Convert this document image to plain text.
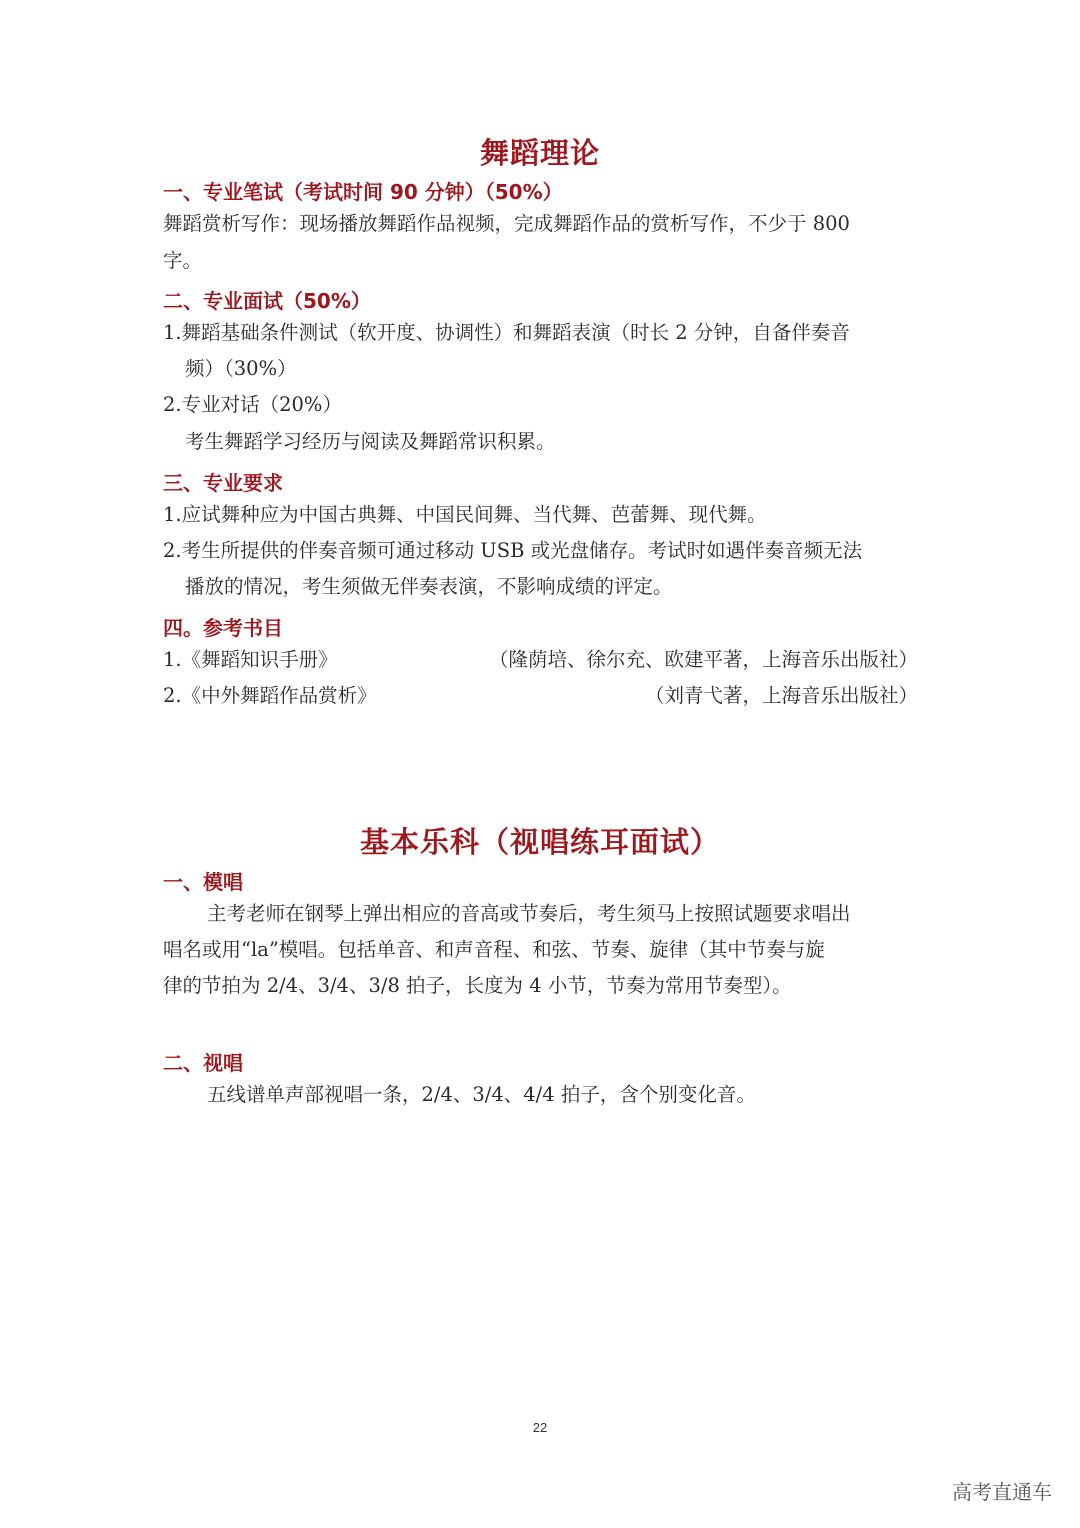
舞蹈理论
一、专业笔试（考试时间 90 分钟）（50%）
舞蹈赏析写作：现场播放舞蹈作品视频，完成舞蹈作品的赏析写作，不少于 800
字。
二、专业面试（50%）
1.舞蹈基础条件测试（软开度、协调性）和舞蹈表演（时长 2 分钟，自备伴奏音
频）（30%）
2.专业对话（20%）
考生舞蹈学习经历与阅读及舞蹈常识积累。
三、专业要求
1.应试舞种应为中国古典舞、中国民间舞、当代舞、芭蕾舞、现代舞。
2.考生所提供的伴奏音频可通过移动 USB 或光盘储存。考试时如遇伴奏音频无法
播放的情况，考生须做无伴奏表演，不影响成绩的评定。
四。参考书目
1.《舞蹈知识手册》	（隆荫培、徐尔充、欧建平著，上海音乐出版社）
2.《中外舞蹈作品赏析》	（刘青弋著，上海音乐出版社）
基本乐科（视唱练耳面试）
一、模唱
主考老师在钢琴上弹出相应的音高或节奏后，考生须马上按照试题要求唱出
唱名或用“la”模唱。包括单音、和声音程、和弦、节奏、旋律（其中节奏与旋
律的节拍为 2/4、3/4、3/8 拍子，长度为 4 小节，节奏为常用节奏型）。
二、视唱
五线谱单声部视唱一条，2/4、3/4、4/4 拍子，含个别变化音。
22
高考直通车
